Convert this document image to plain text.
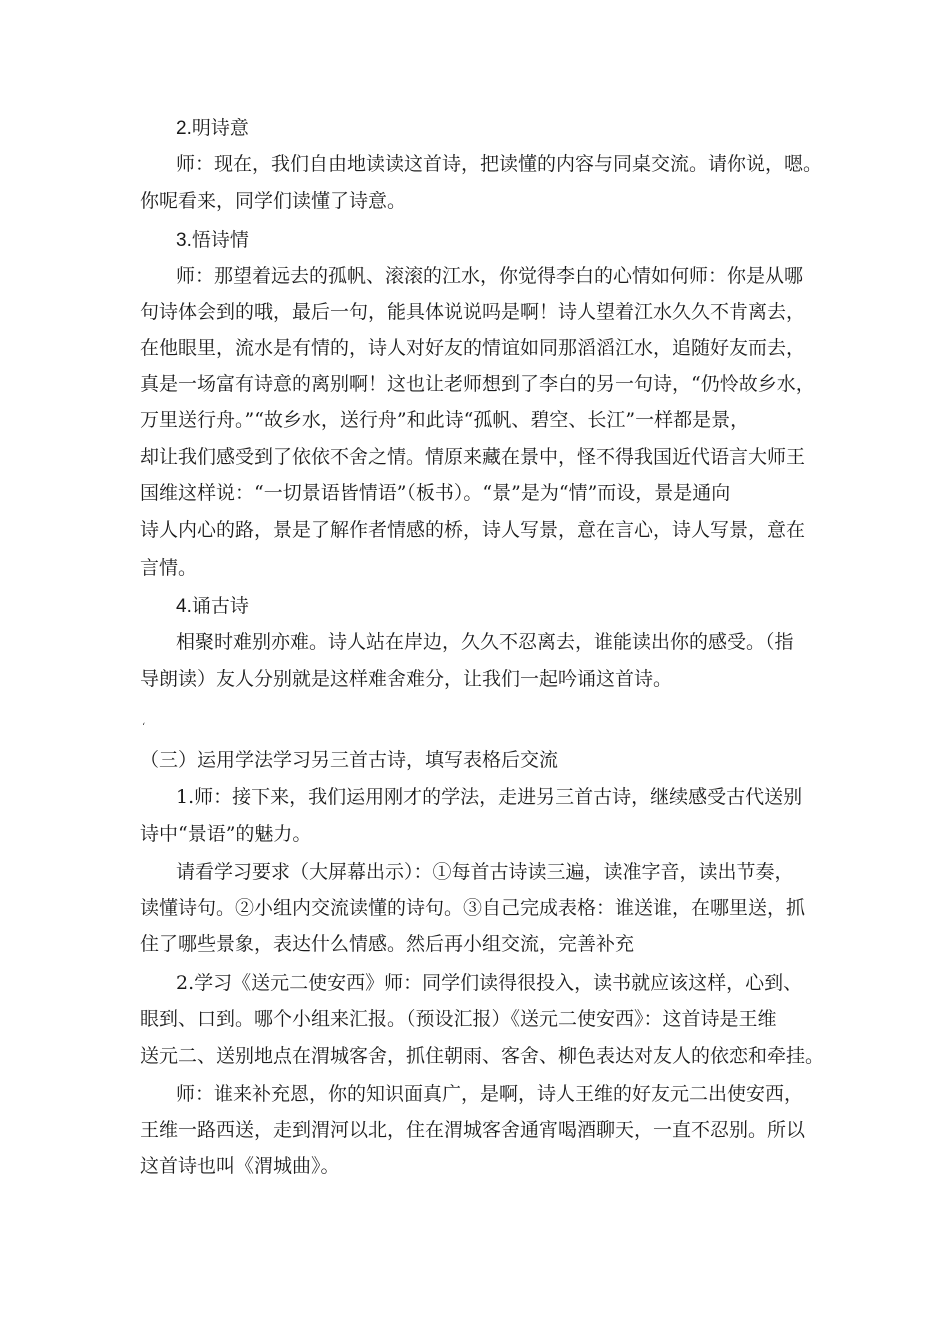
2.明诗意
师：现在，我们自由地读读这首诗，把读懂的内容与同桌交流。请你说，嗯。
你呢看来，同学们读懂了诗意。
3.悟诗情
师：那望着远去的孤帆、滚滚的江水，你觉得李白的心情如何师：你是从哪
句诗体会到的哦，最后一句，能具体说说吗是啊！诗人望着江水久久不肯离去，
在他眼里，流水是有情的，诗人对好友的情谊如同那滔滔江水，追随好友而去，
真是一场富有诗意的离别啊！这也让老师想到了李白的另一句诗，“仍怜故乡水，
万里送行舟。”“故乡水，送行舟”和此诗“孤帆、碧空、长江”一样都是景，
却让我们感受到了依依不舍之情。情原来藏在景中，怪不得我国近代语言大师王
国维这样说：“一切景语皆情语”（板书）。“景”是为“情”而设，景是通向
诗人内心的路，景是了解作者情感的桥，诗人写景，意在言心，诗人写景，意在
言情。
4.诵古诗
相聚时难别亦难。诗人站在岸边，久久不忍离去，谁能读出你的感受。（指
导朗读）友人分别就是这样难舍难分，让我们一起吟诵这首诗。
‘
（三）运用学法学习另三首古诗，填写表格后交流
1.师：接下来，我们运用刚才的学法，走进另三首古诗，继续感受古代送别
诗中“景语”的魅力。
请看学习要求（大屏幕出示）：①每首古诗读三遍，读准字音，读出节奏，
读懂诗句。②小组内交流读懂的诗句。③自己完成表格：谁送谁，在哪里送，抓
住了哪些景象，表达什么情感。然后再小组交流，完善补充
2.学习《送元二使安西》师：同学们读得很投入，读书就应该这样，心到、
眼到、口到。哪个小组来汇报。（预设汇报）《送元二使安西》：这首诗是王维
送元二、送别地点在渭城客舍，抓住朝雨、客舍、柳色表达对友人的依恋和牵挂。
师：谁来补充恩，你的知识面真广，是啊，诗人王维的好友元二出使安西，
王维一路西送，走到渭河以北，住在渭城客舍通宵喝酒聊天，一直不忍别。所以
这首诗也叫《渭城曲》。
